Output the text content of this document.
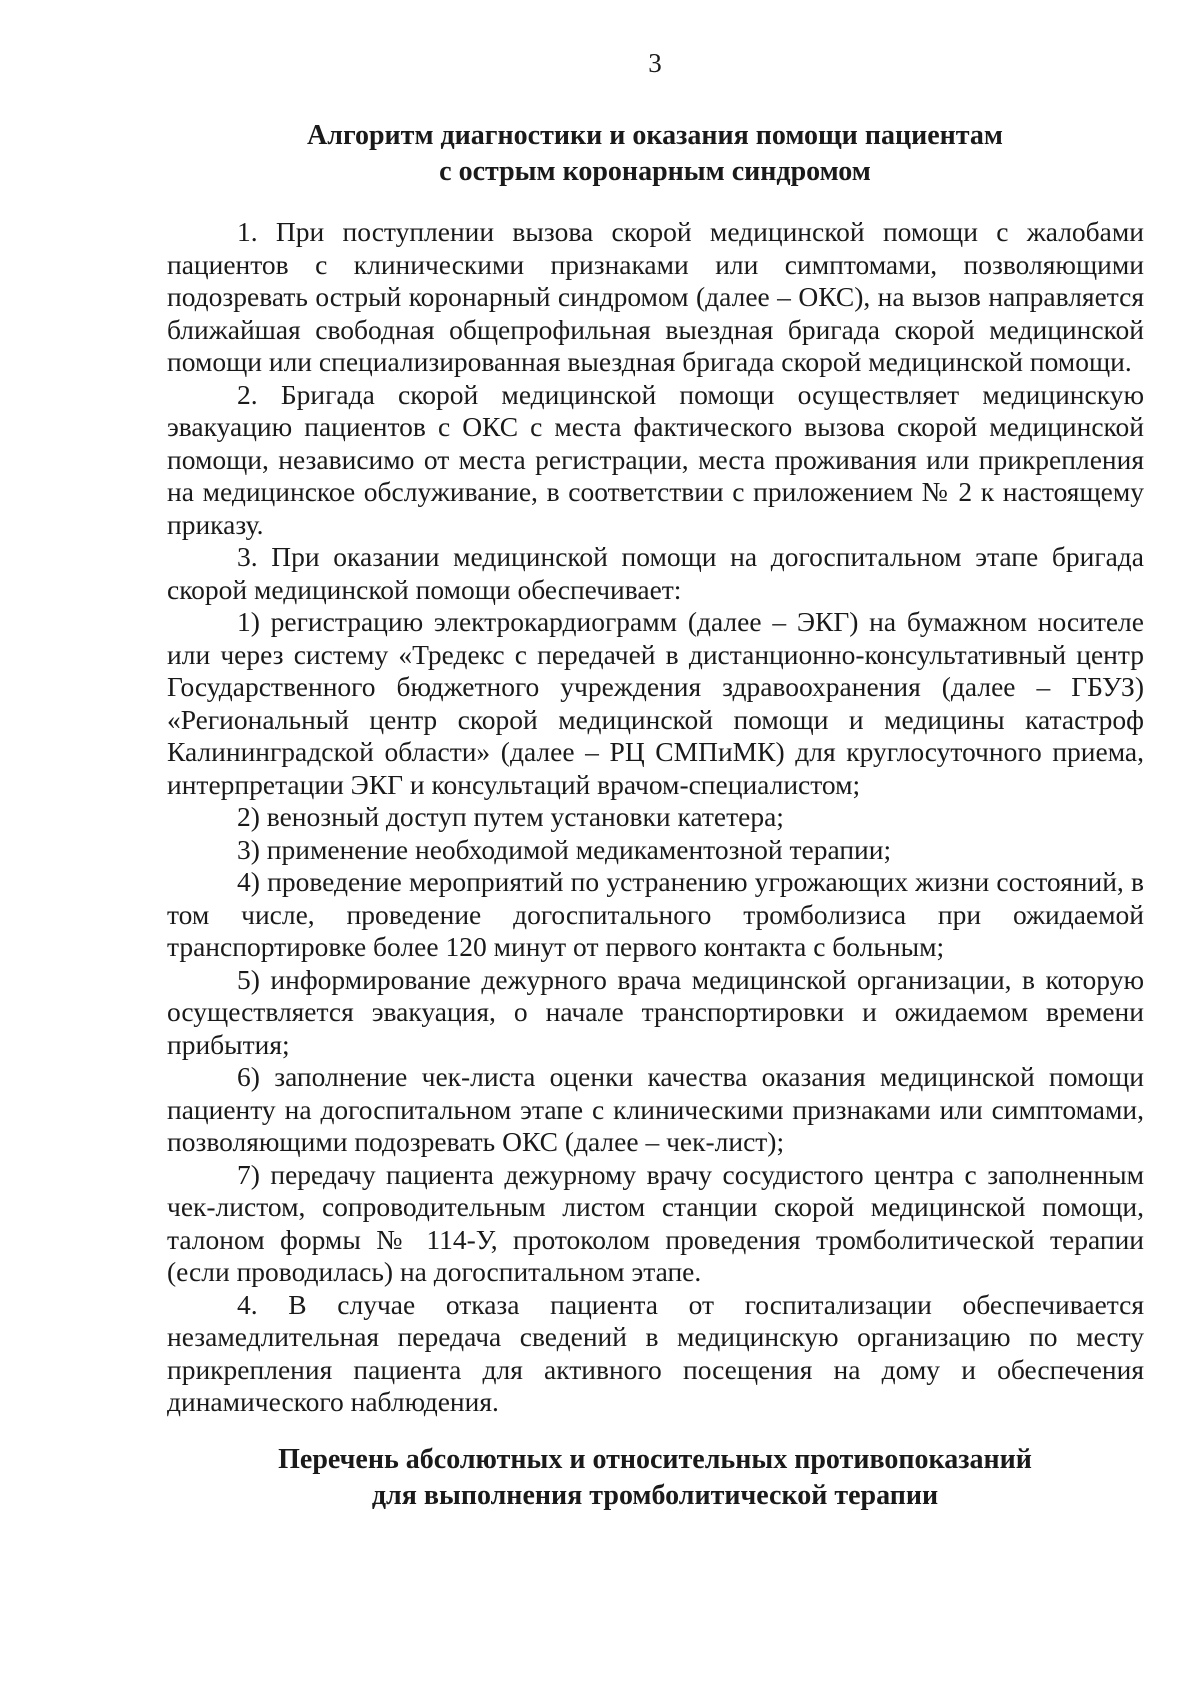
3
Алгоритм диагностики и оказания помощи пациентам
с острым коронарным синдромом

1. При поступлении вызова скорой медицинской помощи с жалобами пациентов с клиническими признаками или симптомами, позволяющими подозревать острый коронарный синдромом (далее – ОКС), на вызов направляется ближайшая свободная общепрофильная выездная бригада скорой медицинской помощи или специализированная выездная бригада скорой медицинской помощи.

2. Бригада скорой медицинской помощи осуществляет медицинскую эвакуацию пациентов с ОКС с места фактического вызова скорой медицинской помощи, независимо от места регистрации, места проживания или прикрепления на медицинское обслуживание, в соответствии с приложением № 2 к настоящему приказу.

3. При оказании медицинской помощи на догоспитальном этапе бригада скорой медицинской помощи обеспечивает:

1) регистрацию электрокардиограмм (далее – ЭКГ) на бумажном носителе или через систему «Тредекс с передачей в дистанционно-консультативный центр Государственного бюджетного учреждения здравоохранения (далее – ГБУЗ) «Региональный центр скорой медицинской помощи и медицины катастроф Калининградской области» (далее – РЦ СМПиМК) для круглосуточного приема, интерпретации ЭКГ и консультаций врачом-специалистом;

2) венозный доступ путем установки катетера;

3) применение необходимой медикаментозной терапии;

4) проведение мероприятий по устранению угрожающих жизни состояний, в том числе, проведение догоспитального тромболизиса при ожидаемой транспортировке более 120 минут от первого контакта с больным;

5) информирование дежурного врача медицинской организации, в которую осуществляется эвакуация, о начале транспортировки и ожидаемом времени прибытия;

6) заполнение чек-листа оценки качества оказания медицинской помощи пациенту на догоспитальном этапе с клиническими признаками или симптомами, позволяющими подозревать ОКС (далее – чек-лист);

7) передачу пациента дежурному врачу сосудистого центра с заполненным чек-листом, сопроводительным листом станции скорой медицинской помощи, талоном формы № 114-У, протоколом проведения тромболитической терапии (если проводилась) на догоспитальном этапе.

4. В случае отказа пациента от госпитализации обеспечивается незамедлительная передача сведений в медицинскую организацию по месту прикрепления пациента для активного посещения на дому и обеспечения динамического наблюдения.

Перечень абсолютных и относительных противопоказаний
для выполнения тромболитической терапии
